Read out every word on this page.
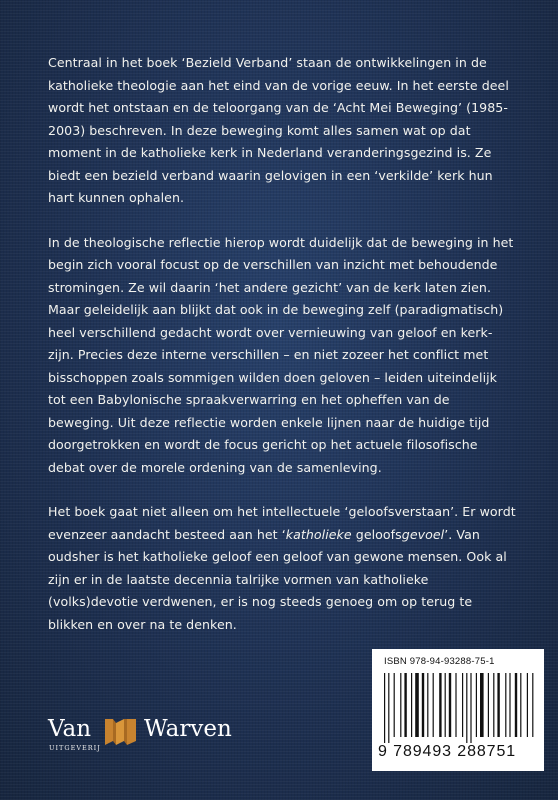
Centraal in het boek ‘Bezield Verband’ staan de ontwikkelingen in de katholieke theologie aan het eind van de vorige eeuw. In het eerste deel wordt het ontstaan en de teloorgang van de ‘Acht Mei Beweging’ (1985-2003) beschreven. In deze beweging komt alles samen wat op dat moment in de katholieke kerk in Nederland veranderingsgezind is. Ze biedt een bezield verband waarin gelovigen in een ‘verkilde’ kerk hun hart kunnen ophalen.

In de theologische reflectie hierop wordt duidelijk dat de beweging in het begin zich vooral focust op de verschillen van inzicht met behoudende stromingen. Ze wil daarin ‘het andere gezicht’ van de kerk laten zien. Maar geleidelijk aan blijkt dat ook in de beweging zelf (paradigmatisch) heel verschillend gedacht wordt over vernieuwing van geloof en kerk-zijn. Precies deze interne verschillen – en niet zozeer het conflict met bisschoppen zoals sommigen wilden doen geloven – leiden uiteindelijk tot een Babylonische spraakverwarring en het opheffen van de beweging. Uit deze reflectie worden enkele lijnen naar de huidige tijd doorgetrokken en wordt de focus gericht op het actuele filosofische debat over de morele ordening van de samenleving.

Het boek gaat niet alleen om het intellectuele ‘geloofsverstaan’. Er wordt evenzeer aandacht besteed aan het ‘katholieke geloofsgevoel’. Van oudsher is het katholieke geloof een geloof van gewone mensen. Ook al zijn er in de laatste decennia talrijke vormen van katholieke (volks)devotie verdwenen, er is nog steeds genoeg om op terug te blikken en over na te denken.

Van Warven
UITGEVERIJ
ISBN 978-94-93288-75-1
9 789493 288751
